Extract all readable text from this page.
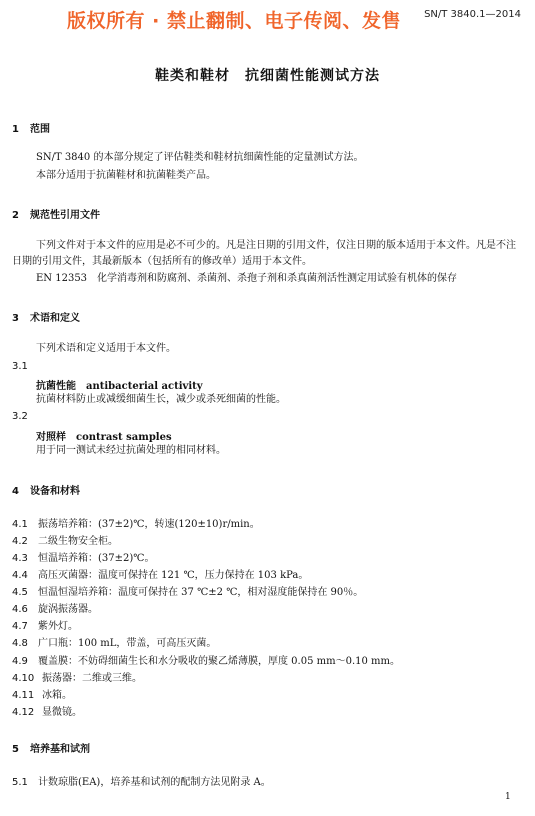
版权所有 · 禁止翻制、电子传阅、发售 SN/T 3840.1—2014
鞋类和鞋材　抗细菌性能测试方法
1 范围
SN/T 3840 的本部分规定了评估鞋类和鞋材抗细菌性能的定量测试方法。
本部分适用于抗菌鞋材和抗菌鞋类产品。
2 规范性引用文件
下列文件对于本文件的应用是必不可少的。凡是注日期的引用文件，仅注日期的版本适用于本文件。凡是不注日期的引用文件，其最新版本（包括所有的修改单）适用于本文件。
EN 12353　化学消毒剂和防腐剂、杀菌剂、杀孢子剂和杀真菌剂活性测定用试验有机体的保存
3 术语和定义
下列术语和定义适用于本文件。
3.1
抗菌性能 antibacterial activity
抗菌材料防止或减缓细菌生长，减少或杀死细菌的性能。
3.2
对照样 contrast samples
用于同一测试未经过抗菌处理的相同材料。
4 设备和材料
4.1 振荡培养箱：(37±2)℃，转速(120±10)r/min。
4.2 二级生物安全柜。
4.3 恒温培养箱：(37±2)℃。
4.4 高压灭菌器：温度可保持在 121 ℃，压力保持在 103 kPa。
4.5 恒温恒湿培养箱：温度可保持在 37 ℃±2 ℃，相对湿度能保持在 90％。
4.6 旋涡振荡器。
4.7 紫外灯。
4.8 广口瓶：100 mL，带盖，可高压灭菌。
4.9 覆盖膜：不妨碍细菌生长和水分吸收的聚乙烯薄膜，厚度 0.05 mm～0.10 mm。
4.10 振荡器：二维或三维。
4.11 冰箱。
4.12 显微镜。
5 培养基和试剂
5.1 计数琼脂(EA)，培养基和试剂的配制方法见附录 A。
1
